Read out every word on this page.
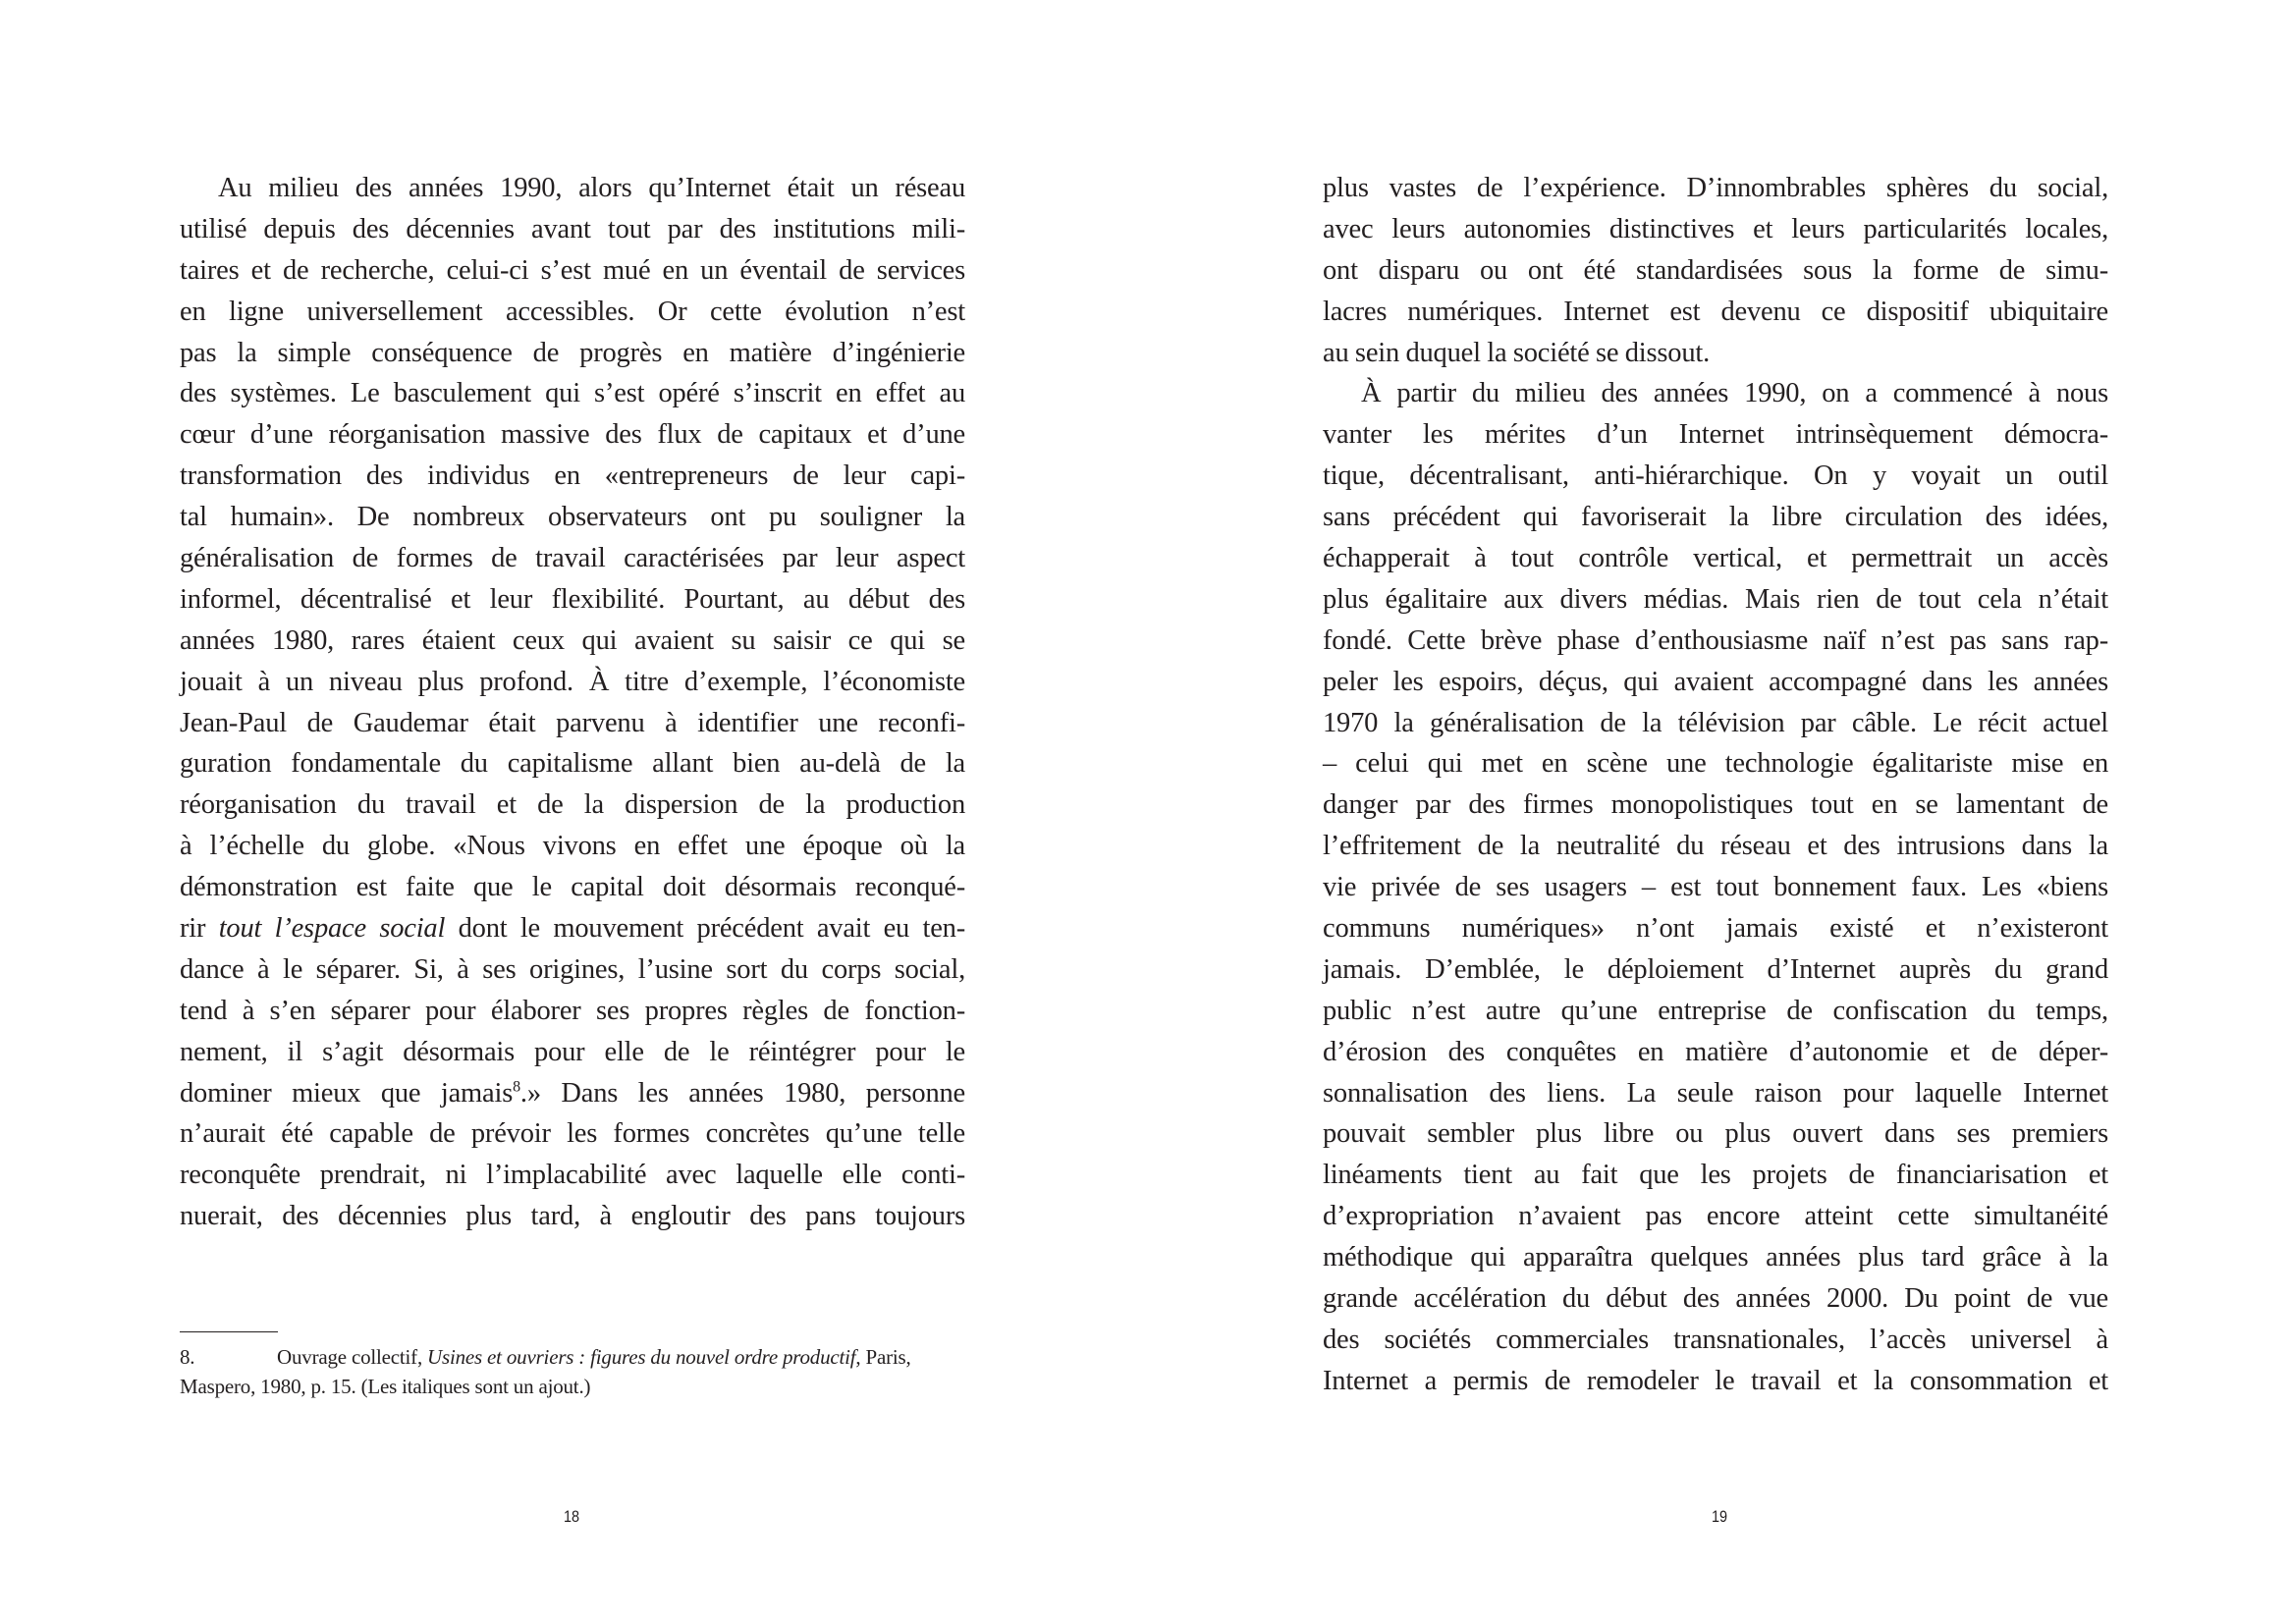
Au milieu des années 1990, alors qu’Internet était un réseau
utilisé depuis des décennies avant tout par des institutions mili-
taires et de recherche, celui-ci s’est mué en un éventail de services
en ligne universellement accessibles. Or cette évolution n’est
pas la simple conséquence de progrès en matière d’ingénierie
des systèmes. Le basculement qui s’est opéré s’inscrit en effet au
cœur d’une réorganisation massive des flux de capitaux et d’une
transformation des individus en «entrepreneurs de leur capi-
tal humain». De nombreux observateurs ont pu souligner la
généralisation de formes de travail caractérisées par leur aspect
informel, décentralisé et leur flexibilité. Pourtant, au début des
années 1980, rares étaient ceux qui avaient su saisir ce qui se
jouait à un niveau plus profond. À titre d’exemple, l’économiste
Jean-Paul de Gaudemar était parvenu à identifier une reconfi-
guration fondamentale du capitalisme allant bien au-delà de la
réorganisation du travail et de la dispersion de la production
à l’échelle du globe. «Nous vivons en effet une époque où la
démonstration est faite que le capital doit désormais reconqué-
rir tout l’espace social dont le mouvement précédent avait eu ten-
dance à le séparer. Si, à ses origines, l’usine sort du corps social,
tend à s’en séparer pour élaborer ses propres règles de fonction-
nement, il s’agit désormais pour elle de le réintégrer pour le
dominer mieux que jamais$^8$.» Dans les années 1980, personne
n’aurait été capable de prévoir les formes concrètes qu’une telle
reconquête prendrait, ni l’implacabilité avec laquelle elle conti-
nuerait, des décennies plus tard, à engloutir des pans toujours
8.	Ouvrage collectif, Usines et ouvriers : figures du nouvel ordre productif, Paris,
Maspero, 1980, p. 15. (Les italiques sont un ajout.)
18
plus vastes de l’expérience. D’innombrables sphères du social,
avec leurs autonomies distinctives et leurs particularités locales,
ont disparu ou ont été standardisées sous la forme de simu-
lacres numériques. Internet est devenu ce dispositif ubiquitaire
au sein duquel la société se dissout.
À partir du milieu des années 1990, on a commencé à nous
vanter les mérites d’un Internet intrinsèquement démocra-
tique, décentralisant, anti-hiérarchique. On y voyait un outil
sans précédent qui favoriserait la libre circulation des idées,
échapperait à tout contrôle vertical, et permettrait un accès
plus égalitaire aux divers médias. Mais rien de tout cela n’était
fondé. Cette brève phase d’enthousiasme naïf n’est pas sans rap-
peler les espoirs, déçus, qui avaient accompagné dans les années
1970 la généralisation de la télévision par câble. Le récit actuel
– celui qui met en scène une technologie égalitariste mise en
danger par des firmes monopolistiques tout en se lamentant de
l’effritement de la neutralité du réseau et des intrusions dans la
vie privée de ses usagers – est tout bonnement faux. Les «biens
communs numériques» n’ont jamais existé et n’existeront
jamais. D’emblée, le déploiement d’Internet auprès du grand
public n’est autre qu’une entreprise de confiscation du temps,
d’érosion des conquêtes en matière d’autonomie et de déper-
sonnalisation des liens. La seule raison pour laquelle Internet
pouvait sembler plus libre ou plus ouvert dans ses premiers
linéaments tient au fait que les projets de financiarisation et
d’expropriation n’avaient pas encore atteint cette simultanéité
méthodique qui apparaîtra quelques années plus tard grâce à la
grande accélération du début des années 2000. Du point de vue
des sociétés commerciales transnationales, l’accès universel à
Internet a permis de remodeler le travail et la consommation et
19
